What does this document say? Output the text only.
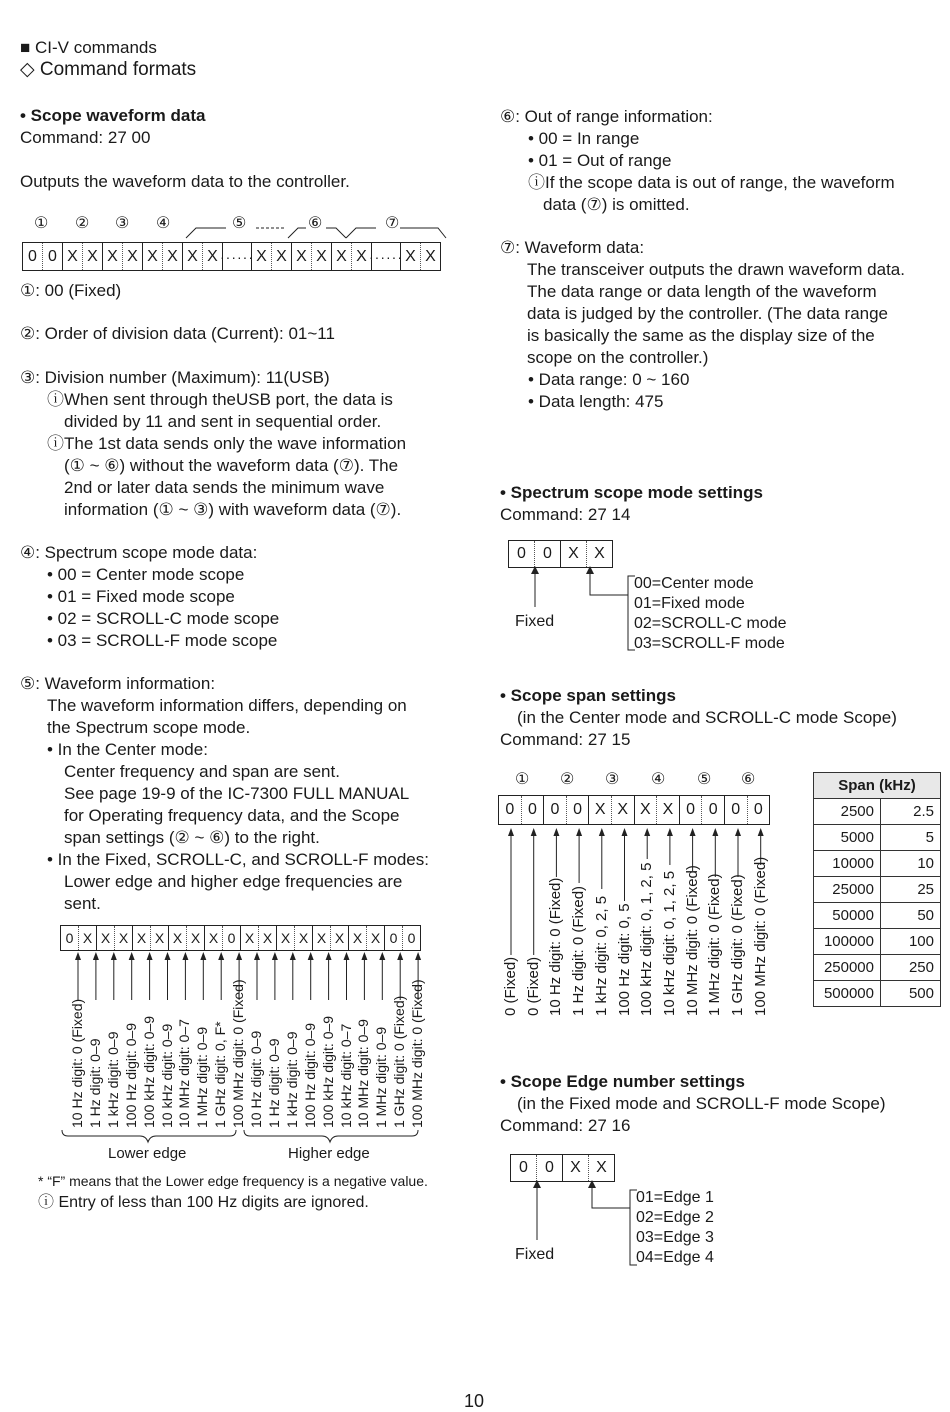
■ CI-V commands
◇ Command formats
• Scope waveform data
Command: 27 00
Outputs the waveform data to the controller.
① ② ③ ④	⑤	⑥	⑦
0 0 X X X X X X X X ······ X X X X X X ······ X X
①: 00 (Fixed)
②: Order of division data (Current): 01~11
③: Division number (Maximum): 11(USB)
ⓘWhen sent through theUSB port, the data is
divided by 11 and sent in sequential order.
ⓘThe 1st data sends only the wave information
(① ~ ⑥) without the waveform data (⑦). The
2nd or later data sends the minimum wave
information (① ~ ③) with waveform data (⑦).
④: Spectrum scope mode data:
• 00 = Center mode scope
• 01 = Fixed mode scope
• 02 = SCROLL-C mode scope
• 03 = SCROLL-F mode scope
⑤: Waveform information:
The waveform information differs, depending on
the Spectrum scope mode.
• In the Center mode:
Center frequency and span are sent.
See page 19-9 of the IC-7300 FULL MANUAL
for Operating frequency data, and the Scope
span settings (② ~ ⑥) to the right.
• In the Fixed, SCROLL-C, and SCROLL-F modes:
Lower edge and higher edge frequencies are
sent.
0 X X X X X X X X 0 X X X X X X X X 0 0
10 Hz digit: 0 (Fixed) 1 Hz digit: 0–9 1 kHz digit: 0–9 100 Hz digit: 0–9 100 kHz digit: 0–9 10 kHz digit: 0–9 10 MHz digit: 0–7 1 MHz digit: 0–9 1 GHz digit: 0, F* 100 MHz digit: 0 (Fixed) 10 Hz digit: 0–9 1 Hz digit: 0–9 1 kHz digit: 0–9 100 Hz digit: 0–9 100 kHz digit: 0–9 10 kHz digit: 0–7 10 MHz digit: 0–9 1 MHz digit: 0–9 1 GHz digit: 0 (Fixed) 100 MHz digit: 0 (Fixed)
Lower edge	Higher edge
* “F” means that the Lower edge frequency is a negative value.
ⓘ Entry of less than 100 Hz digits are ignored.
⑥: Out of range information:
• 00 = In range
• 01 = Out of range
ⓘIf the scope data is out of range, the waveform
data (⑦) is omitted.
⑦: Waveform data:
The transceiver outputs the drawn waveform data.
The data range or data length of the waveform
data is judged by the controller. (The data range
is basically the same as the display size of the
scope on the controller.)
• Data range: 0 ~ 160
• Data length: 475
• Spectrum scope mode settings
Command: 27 14
0	0	X X
Fixed
00=Center mode
01=Fixed mode
02=SCROLL-C mode
03=SCROLL-F mode
• Scope span settings
(in the Center mode and SCROLL-C mode Scope)
Command: 27 15
① ② ③ ④ ⑤ ⑥
0 0 0 0 X X X X 0 0 0 0
0 (Fixed) 0 (Fixed) 10 Hz digit: 0 (Fixed) 1 Hz digit: 0 (Fixed) 1 kHz digit: 0, 2, 5 100 Hz digit: 0, 5 100 kHz digit: 0, 1, 2, 5 10 kHz digit: 0, 1, 2, 5 10 MHz digit: 0 (Fixed) 1 MHz digit: 0 (Fixed) 1 GHz digit: 0 (Fixed) 100 MHz digit: 0 (Fixed)
Span (kHz)	
2500	2.5
5000	5
10000	10
25000	25
50000	50
100000	100
250000	250
500000	500
• Scope Edge number settings
(in the Fixed mode and SCROLL-F mode Scope)
Command: 27 16
0	0	X X
Fixed
01=Edge 1
02=Edge 2
03=Edge 3
04=Edge 4
10
